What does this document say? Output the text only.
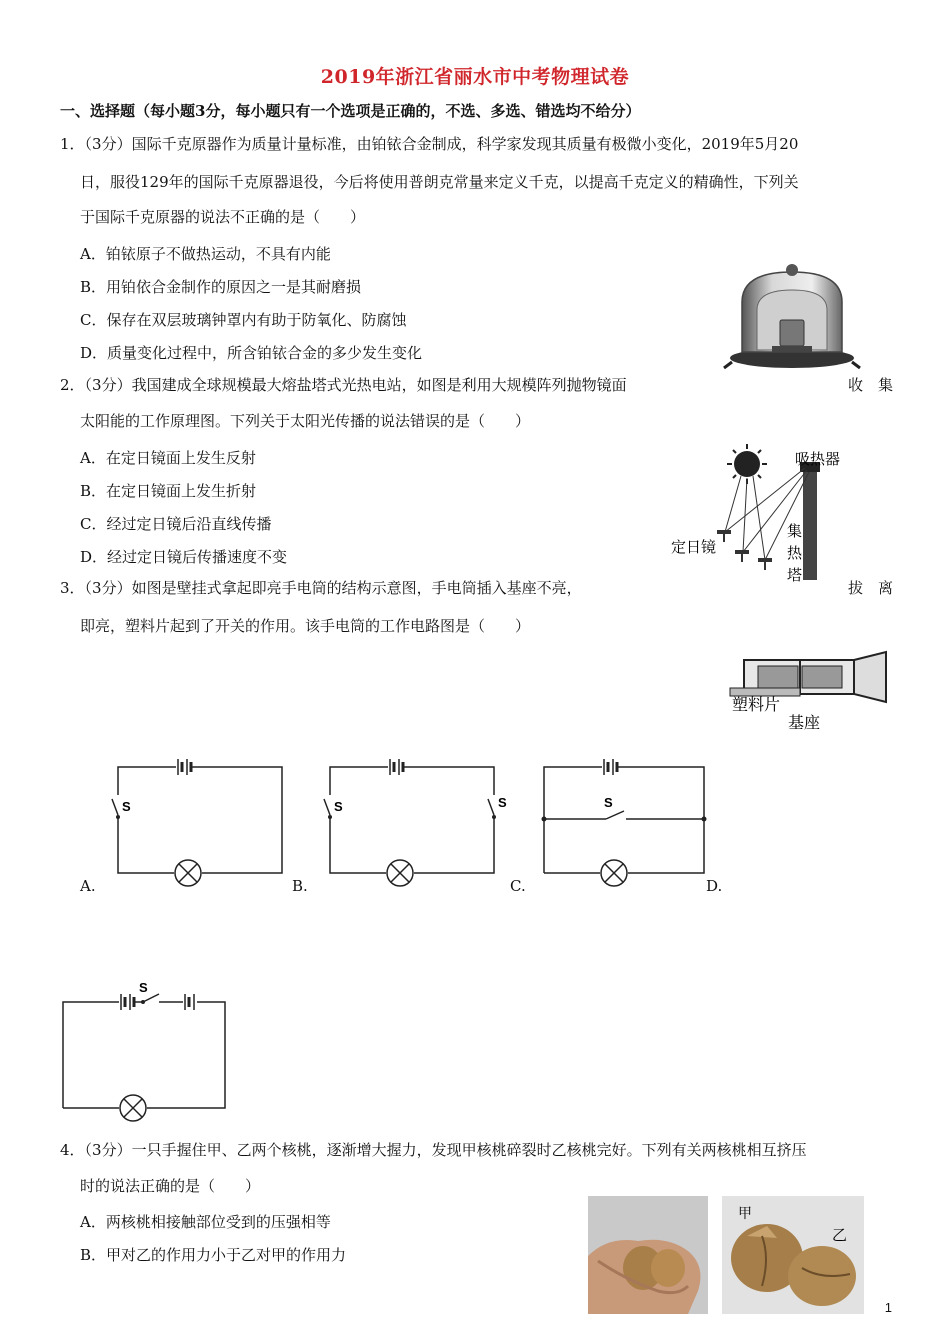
2019年浙江省丽水市中考物理试卷
一、选择题（每小题3分，每小题只有一个选项是正确的，不选、多选、错选均不给分）
1．（3分）国际千克原器作为质量计量标准，由铂铱合金制成，科学家发现其质量有极微小变化，2019年5月20
日，服役129年的国际千克原器退役，今后将使用普朗克常量来定义千克，以提高千克定义的精确性，下列关
于国际千克原器的说法不正确的是（　　）
A．铂铱原子不做热运动，不具有内能
B．用铂依合金制作的原因之一是其耐磨损
C．保存在双层玻璃钟罩内有助于防氧化、防腐蚀
D．质量变化过程中，所含铂铱合金的多少发生变化
2．（3分）我国建成全球规模最大熔盐塔式光热电站，如图是利用大规模阵列抛物镜面	收　集
太阳能的工作原理图。下列关于太阳光传播的说法错误的是（　　）
A．在定日镜面上发生反射
B．在定日镜面上发生折射
C．经过定日镜后沿直线传播
D．经过定日镜后传播速度不变
吸热器
定日镜
集
热
塔
3．（3分）如图是壁挂式拿起即亮手电筒的结构示意图，手电筒插入基座不亮，	拔　离
即亮，塑料片起到了开关的作用。该手电筒的工作电路图是（　　）
塑料片
基座
S
A.
S	S
B.
S
C.	D.
S
4．（3分）一只手握住甲、乙两个核桃，逐渐增大握力，发现甲核桃碎裂时乙核桃完好。下列有关两核桃相互挤压
时的说法正确的是（　　）
A．两核桃相接触部位受到的压强相等
B．甲对乙的作用力小于乙对甲的作用力
甲
乙
1
